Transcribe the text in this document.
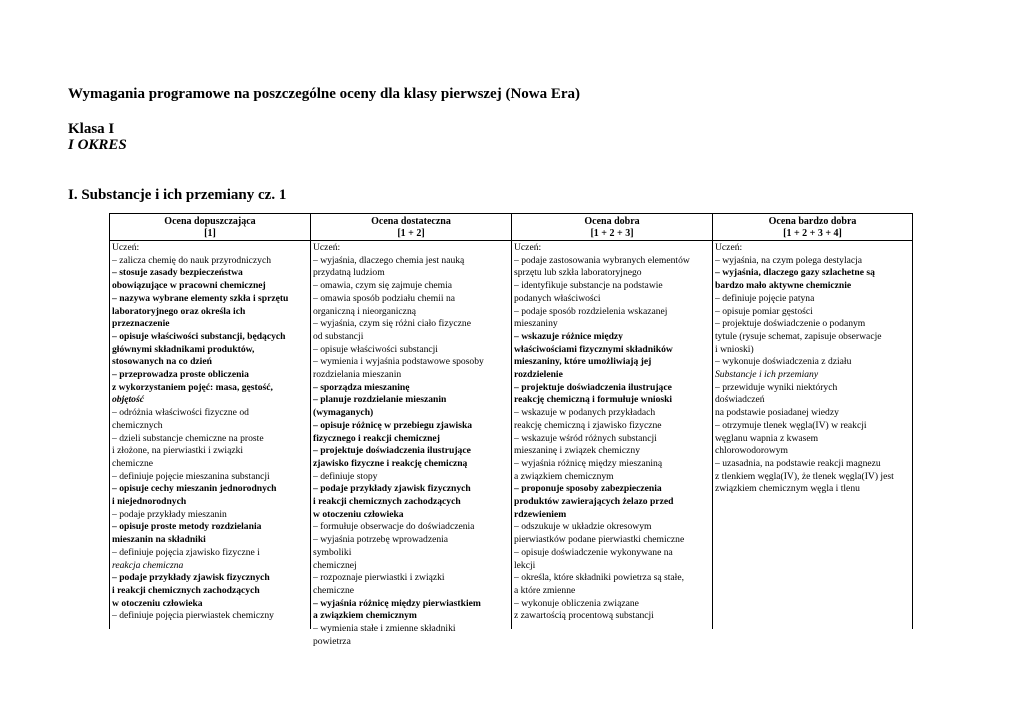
Wymagania programowe na poszczególne oceny dla klasy pierwszej (Nowa Era)
Klasa I
I OKRES
I. Substancje i ich przemiany cz. 1
Ocena dopuszczająca
[1]
Uczeń:
– zalicza chemię do nauk przyrodniczych
– stosuje zasady bezpieczeństwa
obowiązujące w pracowni chemicznej
– nazywa wybrane elementy szkła i sprzętu
laboratoryjnego oraz określa ich
przeznaczenie
– opisuje właściwości substancji, będących
głównymi składnikami produktów,
stosowanych na co dzień
– przeprowadza proste obliczenia
z wykorzystaniem pojęć: masa, gęstość,
objętość
– odróżnia właściwości fizyczne od
chemicznych
– dzieli substancje chemiczne na proste
i złożone, na pierwiastki i związki
chemiczne
– definiuje pojęcie mieszanina substancji
– opisuje cechy mieszanin jednorodnych
i niejednorodnych
– podaje przykłady mieszanin
– opisuje proste metody rozdzielania
mieszanin na składniki
– definiuje pojęcia zjawisko fizyczne i
reakcja chemiczna
– podaje przykłady zjawisk fizycznych
i reakcji chemicznych zachodzących
w otoczeniu człowieka
– definiuje pojęcia pierwiastek chemiczny
Ocena dostateczna
[1 + 2]
Uczeń:
– wyjaśnia, dlaczego chemia jest nauką
przydatną ludziom
– omawia, czym się zajmuje chemia
– omawia sposób podziału chemii na
organiczną i nieorganiczną
– wyjaśnia, czym się różni ciało fizyczne
od substancji
– opisuje właściwości substancji
– wymienia i wyjaśnia podstawowe sposoby
rozdzielania mieszanin
– sporządza mieszaninę
– planuje rozdzielanie mieszanin
(wymaganych)
– opisuje różnicę w przebiegu zjawiska
fizycznego i reakcji chemicznej
– projektuje doświadczenia ilustrujące
zjawisko fizyczne i reakcję chemiczną
– definiuje stopy
– podaje przykłady zjawisk fizycznych
i reakcji chemicznych zachodzących
w otoczeniu człowieka
– formułuje obserwacje do doświadczenia
– wyjaśnia potrzebę wprowadzenia
symboliki
chemicznej
– rozpoznaje pierwiastki i związki
chemiczne
– wyjaśnia różnicę między pierwiastkiem
a związkiem chemicznym
– wymienia stałe i zmienne składniki
powietrza
Ocena dobra
[1 + 2 + 3]
Uczeń:
– podaje zastosowania wybranych elementów
sprzętu lub szkła laboratoryjnego
– identyfikuje substancje na podstawie
podanych właściwości
– podaje sposób rozdzielenia wskazanej
mieszaniny
– wskazuje różnice między
właściwościami fizycznymi składników
mieszaniny, które umożliwiają jej
rozdzielenie
– projektuje doświadczenia ilustrujące
reakcję chemiczną i formułuje wnioski
– wskazuje w podanych przykładach
reakcję chemiczną i zjawisko fizyczne
– wskazuje wśród różnych substancji
mieszaninę i związek chemiczny
– wyjaśnia różnicę między mieszaniną
a związkiem chemicznym
– proponuje sposoby zabezpieczenia
produktów zawierających żelazo przed
rdzewieniem
– odszukuje w układzie okresowym
pierwiastków podane pierwiastki chemiczne
– opisuje doświadczenie wykonywane na
lekcji
– określa, które składniki powietrza są stałe,
a które zmienne
– wykonuje obliczenia związane
z zawartością procentową substancji
Ocena bardzo dobra
[1 + 2 + 3 + 4]
Uczeń:
– wyjaśnia, na czym polega destylacja
– wyjaśnia, dlaczego gazy szlachetne są
bardzo mało aktywne chemicznie
– definiuje pojęcie patyna
– opisuje pomiar gęstości
– projektuje doświadczenie o podanym
tytule (rysuje schemat, zapisuje obserwacje
i wnioski)
– wykonuje doświadczenia z działu
Substancje i ich przemiany
– przewiduje wyniki niektórych
doświadczeń
na podstawie posiadanej wiedzy
– otrzymuje tlenek węgla(IV) w reakcji
węglanu wapnia z kwasem
chlorowodorowym
– uzasadnia, na podstawie reakcji magnezu
z tlenkiem węgla(IV), że tlenek węgla(IV) jest
związkiem chemicznym węgla i tlenu
